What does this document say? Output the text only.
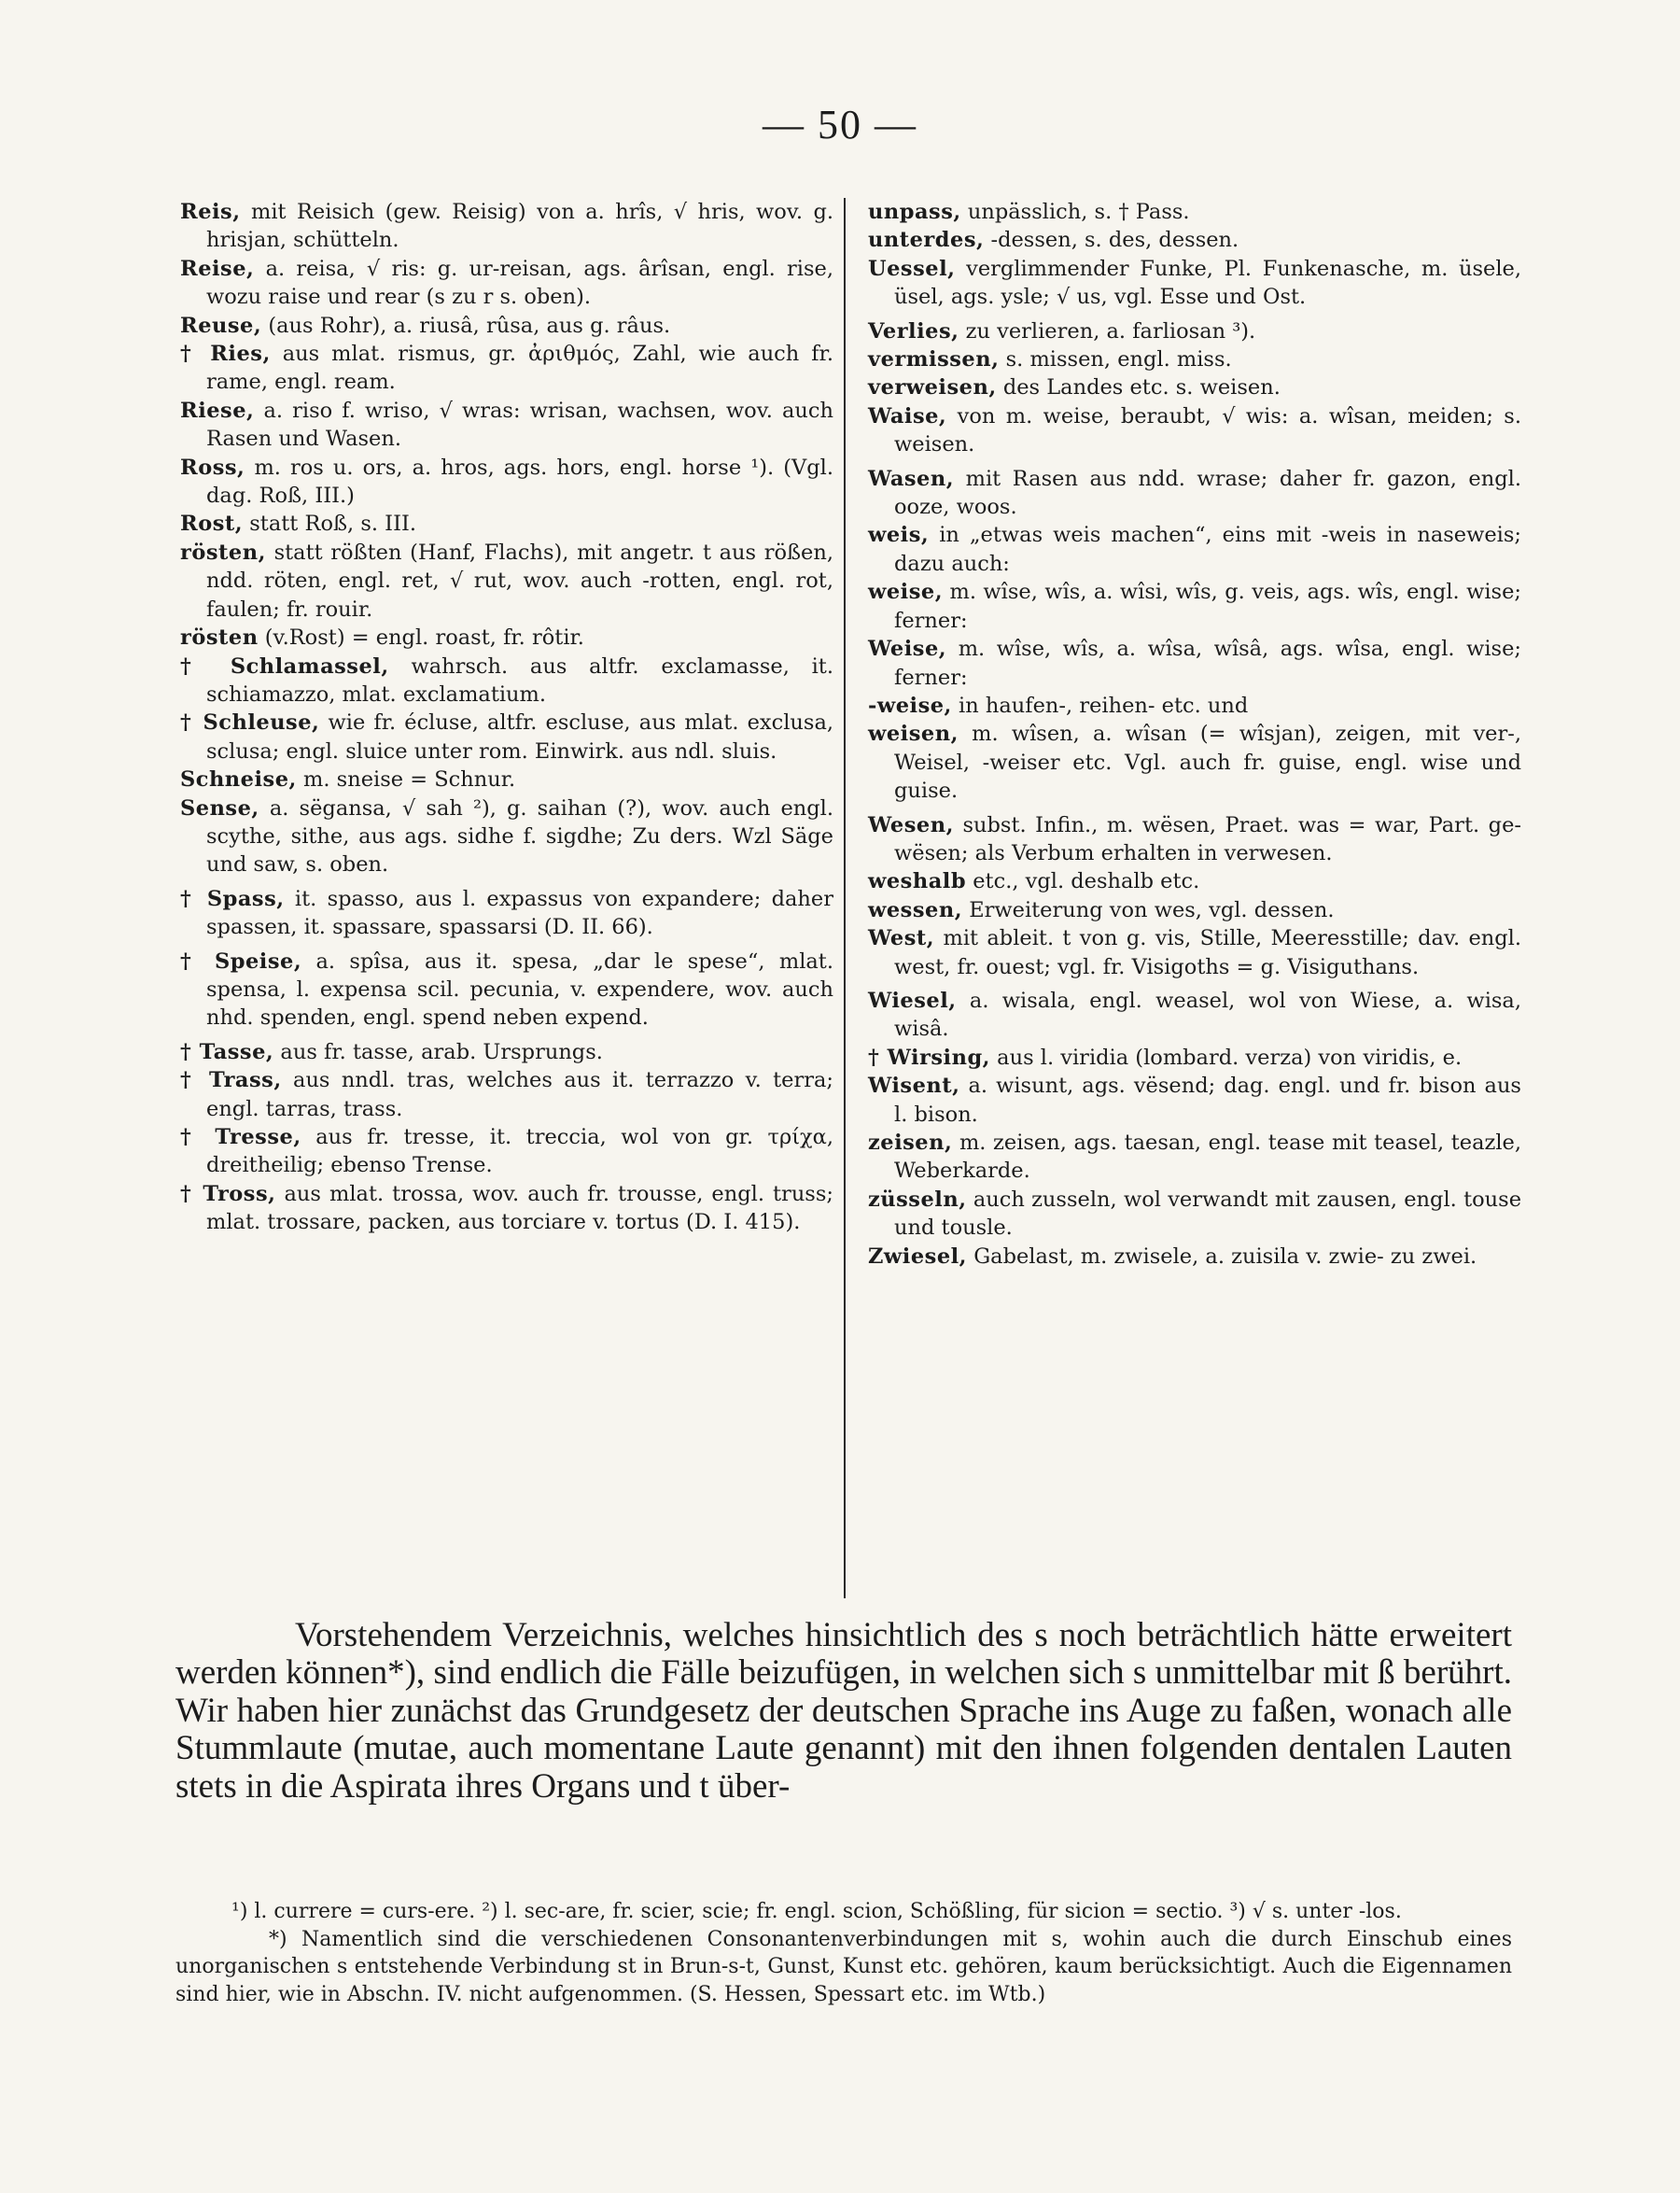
— 50 —

Reis, mit Reisich (gew. Reisig) von a. hrîs, √ hris, wov. g. hrisjan, schütteln.

Reise, a. reisa, √ ris: g. ur-reisan, ags. ârîsan, engl. rise, wozu raise und rear (s zu r s. oben).

Reuse, (aus Rohr), a. riusâ, rûsa, aus g. râus.

† Ries, aus mlat. rismus, gr. ἀριθμός, Zahl, wie auch fr. rame, engl. ream.

Riese, a. riso f. wriso, √ wras: wrisan, wachsen, wov. auch Rasen und Wasen.

Ross, m. ros u. ors, a. hros, ags. hors, engl. horse ¹). (Vgl. dag. Roß, III.)

Rost, statt Roß, s. III.

rösten, statt rößten (Hanf, Flachs), mit angetr. t aus rößen, ndd. röten, engl. ret, √ rut, wov. auch -rotten, engl. rot, faulen; fr. rouir.

rösten (v.Rost) = engl. roast, fr. rôtir.

† Schlamassel, wahrsch. aus altfr. exclamasse, it. schiamazzo, mlat. exclamatium.

† Schleuse, wie fr. écluse, altfr. escluse, aus mlat. exclusa, sclusa; engl. sluice unter rom. Einwirk. aus ndl. sluis.

Schneise, m. sneise = Schnur.

Sense, a. sëgansa, √ sah ²), g. saihan (?), wov. auch engl. scythe, sithe, aus ags. sidhe f. sigdhe; Zu ders. Wzl Säge und saw, s. oben.

† Spass, it. spasso, aus l. expassus von expandere; daher spassen, it. spassare, spassarsi (D. II. 66).

† Speise, a. spîsa, aus it. spesa, „dar le spese“, mlat. spensa, l. expensa scil. pecunia, v. expendere, wov. auch nhd. spenden, engl. spend neben expend.

† Tasse, aus fr. tasse, arab. Ursprungs.

† Trass, aus nndl. tras, welches aus it. terrazzo v. terra; engl. tarras, trass.

† Tresse, aus fr. tresse, it. treccia, wol von gr. τρίχα, dreitheilig; ebenso Trense.

† Tross, aus mlat. trossa, wov. auch fr. trousse, engl. truss; mlat. trossare, packen, aus torciare v. tortus (D. I. 415).

unpass, unpässlich, s. † Pass.

unterdes, -dessen, s. des, dessen.

Uessel, verglimmender Funke, Pl. Funkenasche, m. üsele, üsel, ags. ysle; √ us, vgl. Esse und Ost.

Verlies, zu verlieren, a. farliosan ³).

vermissen, s. missen, engl. miss.

verweisen, des Landes etc. s. weisen.

Waise, von m. weise, beraubt, √ wis: a. wîsan, meiden; s. weisen.

Wasen, mit Rasen aus ndd. wrase; daher fr. gazon, engl. ooze, woos.

weis, in „etwas weis machen“, eins mit -weis in naseweis; dazu auch:

weise, m. wîse, wîs, a. wîsi, wîs, g. veis, ags. wîs, engl. wise; ferner:

Weise, m. wîse, wîs, a. wîsa, wîsâ, ags. wîsa, engl. wise; ferner:

-weise, in haufen-, reihen- etc. und

weisen, m. wîsen, a. wîsan (= wîsjan), zeigen, mit ver-, Weisel, -weiser etc. Vgl. auch fr. guise, engl. wise und guise.

Wesen, subst. Infin., m. wësen, Praet. was = war, Part. ge-wësen; als Verbum erhalten in verwesen.

weshalb etc., vgl. deshalb etc.

wessen, Erweiterung von wes, vgl. dessen.

West, mit ableit. t von g. vis, Stille, Meeresstille; dav. engl. west, fr. ouest; vgl. fr. Visigoths = g. Visiguthans.

Wiesel, a. wisala, engl. weasel, wol von Wiese, a. wisa, wisâ.

† Wirsing, aus l. viridia (lombard. verza) von viridis, e.

Wisent, a. wisunt, ags. vësend; dag. engl. und fr. bison aus l. bison.

zeisen, m. zeisen, ags. taesan, engl. tease mit teasel, teazle, Weberkarde.

züsseln, auch zusseln, wol verwandt mit zausen, engl. touse und tousle.

Zwiesel, Gabelast, m. zwisele, a. zuisila v. zwie- zu zwei.

Vorstehendem Verzeichnis, welches hinsichtlich des s noch beträchtlich hätte erweitert werden können*), sind endlich die Fälle beizufügen, in welchen sich s unmittelbar mit ß berührt. Wir haben hier zunächst das Grundgesetz der deutschen Sprache ins Auge zu faßen, wonach alle Stummlaute (mutae, auch momentane Laute genannt) mit den ihnen folgenden dentalen Lauten stets in die Aspirata ihres Organs und t über-

¹) l. currere = curs-ere. ²) l. sec-are, fr. scier, scie; fr. engl. scion, Schößling, für sicion = sectio. ³) √ s. unter -los.

*) Namentlich sind die verschiedenen Consonantenverbindungen mit s, wohin auch die durch Einschub eines unorganischen s entstehende Verbindung st in Brun-s-t, Gunst, Kunst etc. gehören, kaum berücksichtigt. Auch die Eigennamen sind hier, wie in Abschn. IV. nicht aufgenommen. (S. Hessen, Spessart etc. im Wtb.)
